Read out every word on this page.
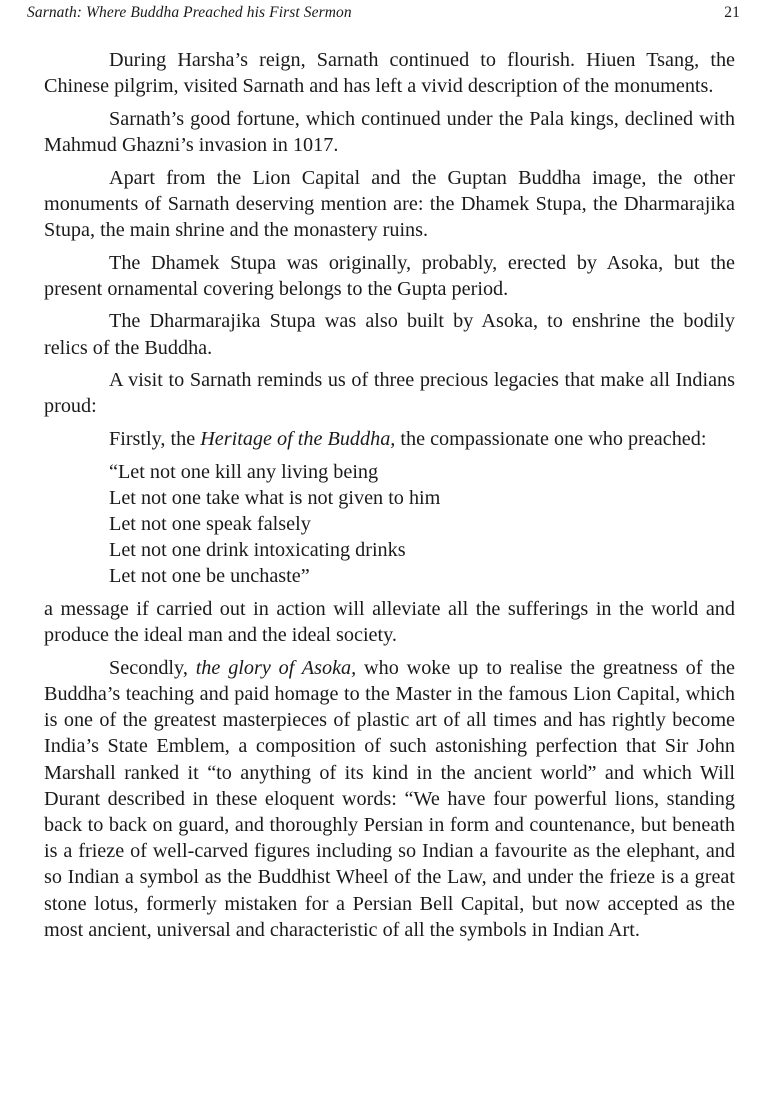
Sarnath: Where Buddha Preached his First Sermon	21

During Harsha’s reign, Sarnath continued to flourish. Hiuen Tsang, the Chinese pilgrim, visited Sarnath and has left a vivid description of the monuments.

Sarnath’s good fortune, which continued under the Pala kings, declined with Mahmud Ghazni’s invasion in 1017.

Apart from the Lion Capital and the Guptan Buddha image, the other monuments of Sarnath deserving mention are: the Dhamek Stupa, the Dharmarajika Stupa, the main shrine and the monastery ruins.

The Dhamek Stupa was originally, probably, erected by Asoka, but the present ornamental covering belongs to the Gupta period.

The Dharmarajika Stupa was also built by Asoka, to enshrine the bodily relics of the Buddha.

A visit to Sarnath reminds us of three precious legacies that make all Indians proud:

Firstly, the Heritage of the Buddha, the compassionate one who preached:

“Let not one kill any living being
Let not one take what is not given to him
Let not one speak falsely
Let not one drink intoxicating drinks
Let not one be unchaste”

a message if carried out in action will alleviate all the sufferings in the world and produce the ideal man and the ideal society.

Secondly, the glory of Asoka, who woke up to realise the greatness of the Buddha’s teaching and paid homage to the Master in the famous Lion Capital, which is one of the greatest masterpieces of plastic art of all times and has rightly become India’s State Emblem, a composition of such astonishing perfection that Sir John Marshall ranked it “to anything of its kind in the ancient world” and which Will Durant described in these eloquent words: “We have four powerful lions, standing back to back on guard, and thoroughly Persian in form and countenance, but beneath is a frieze of well-carved figures including so Indian a favourite as the elephant, and so Indian a symbol as the Buddhist Wheel of the Law, and under the frieze is a great stone lotus, formerly mistaken for a Persian Bell Capital, but now accepted as the most ancient, universal and characteristic of all the symbols in Indian Art.
